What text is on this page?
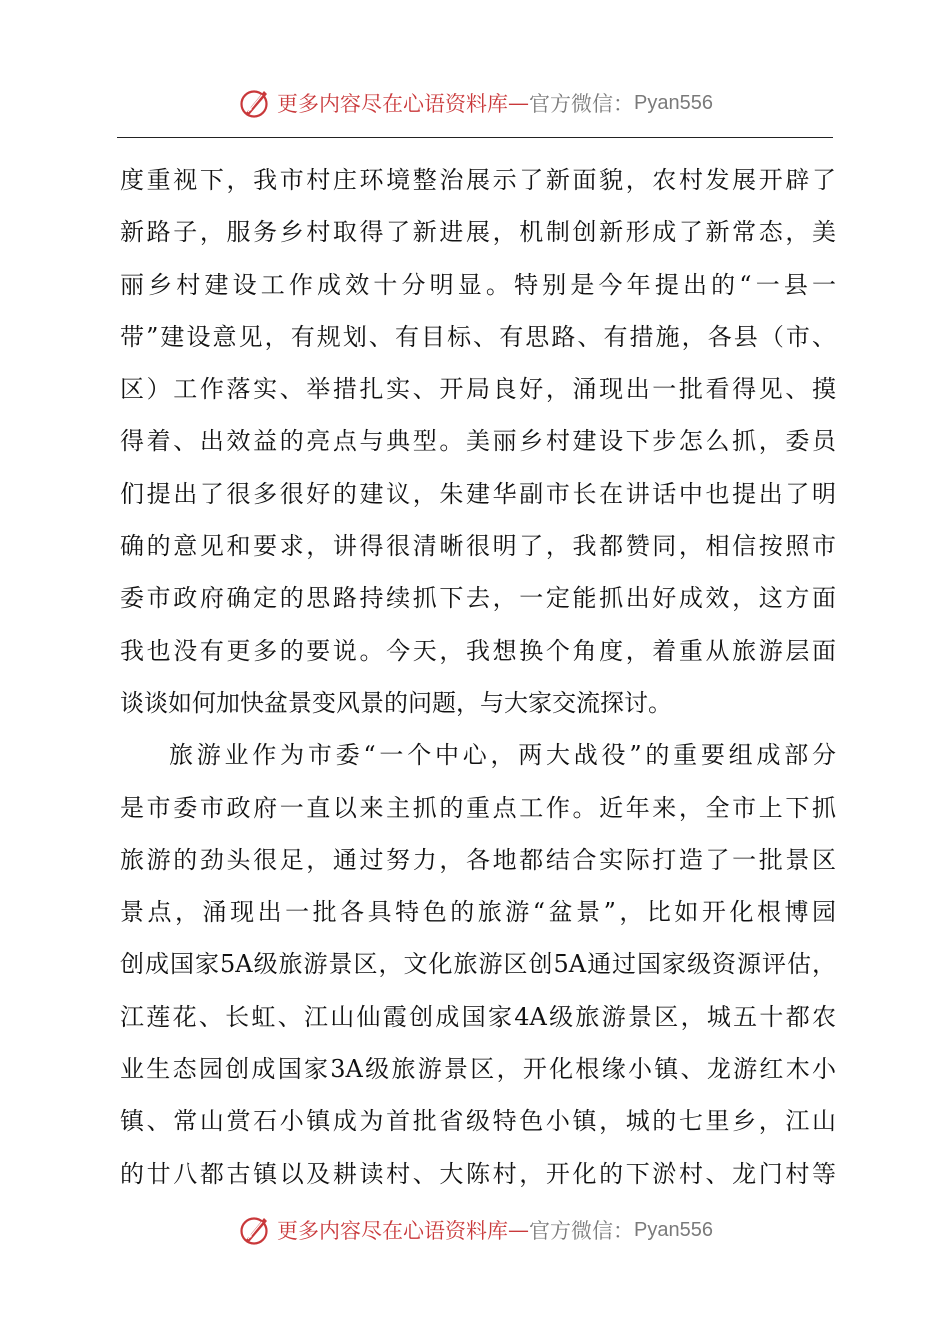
更多内容尽在心语资料库 — 官方微信： Pyan556
度重视下，我市村庄环境整治展示了新面貌，农村发展开辟了
新路子，服务乡村取得了新进展，机制创新形成了新常态，美
丽乡村建设工作成效十分明显。特别是今年提出的“一县一
带”建设意见，有规划、有目标、有思路、有措施，各县（市、
区）工作落实、举措扎实、开局良好，涌现出一批看得见、摸
得着、出效益的亮点与典型。美丽乡村建设下步怎么抓，委员
们提出了很多很好的建议，朱建华副市长在讲话中也提出了明
确的意见和要求，讲得很清晰很明了，我都赞同，相信按照市
委市政府确定的思路持续抓下去，一定能抓出好成效，这方面
我也没有更多的要说。今天，我想换个角度，着重从旅游层面
谈谈如何加快盆景变风景的问题，与大家交流探讨。
旅游业作为市委“一个中心，两大战役”的重要组成部分
是市委市政府一直以来主抓的重点工作。近年来，全市上下抓
旅游的劲头很足，通过努力，各地都结合实际打造了一批景区
景点，涌现出一批各具特色的旅游“盆景”，比如开化根博园
创成国家5A级旅游景区，文化旅游区创5A通过国家级资源评估，
江莲花、长虹、江山仙霞创成国家4A级旅游景区，城五十都农
业生态园创成国家3A级旅游景区，开化根缘小镇、龙游红木小
镇、常山赏石小镇成为首批省级特色小镇，城的七里乡，江山
的廿八都古镇以及耕读村、大陈村，开化的下淤村、龙门村等
更多内容尽在心语资料库 — 官方微信： Pyan556
